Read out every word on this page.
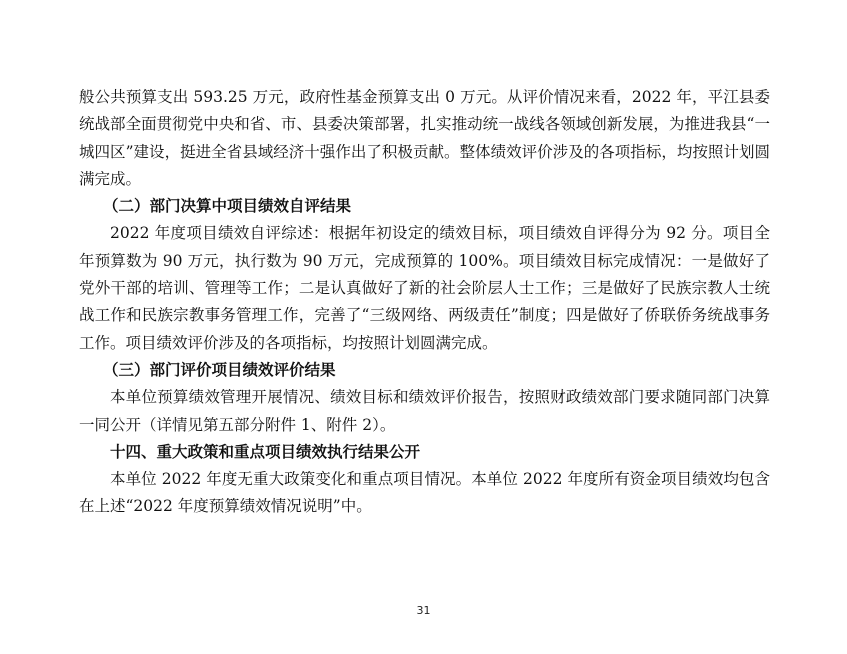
般公共预算支出 593.25 万元，政府性基金预算支出 0 万元。从评价情况来看，2022 年，平江县委统战部全面贯彻党中央和省、市、县委决策部署，扎实推动统一战线各领域创新发展，为推进我县“一城四区”建设，挺进全省县域经济十强作出了积极贡献。整体绩效评价涉及的各项指标，均按照计划圆满完成。

（二）部门决算中项目绩效自评结果

2022 年度项目绩效自评综述：根据年初设定的绩效目标，项目绩效自评得分为 92 分。项目全年预算数为 90 万元，执行数为 90 万元，完成预算的 100%。项目绩效目标完成情况：一是做好了党外干部的培训、管理等工作；二是认真做好了新的社会阶层人士工作；三是做好了民族宗教人士统战工作和民族宗教事务管理工作，完善了“三级网络、两级责任”制度；四是做好了侨联侨务统战事务工作。项目绩效评价涉及的各项指标，均按照计划圆满完成。

（三）部门评价项目绩效评价结果

本单位预算绩效管理开展情况、绩效目标和绩效评价报告，按照财政绩效部门要求随同部门决算一同公开（详情见第五部分附件 1、附件 2）。

十四、重大政策和重点项目绩效执行结果公开

本单位 2022 年度无重大政策变化和重点项目情况。本单位 2022 年度所有资金项目绩效均包含在上述“2022 年度预算绩效情况说明”中。

31
